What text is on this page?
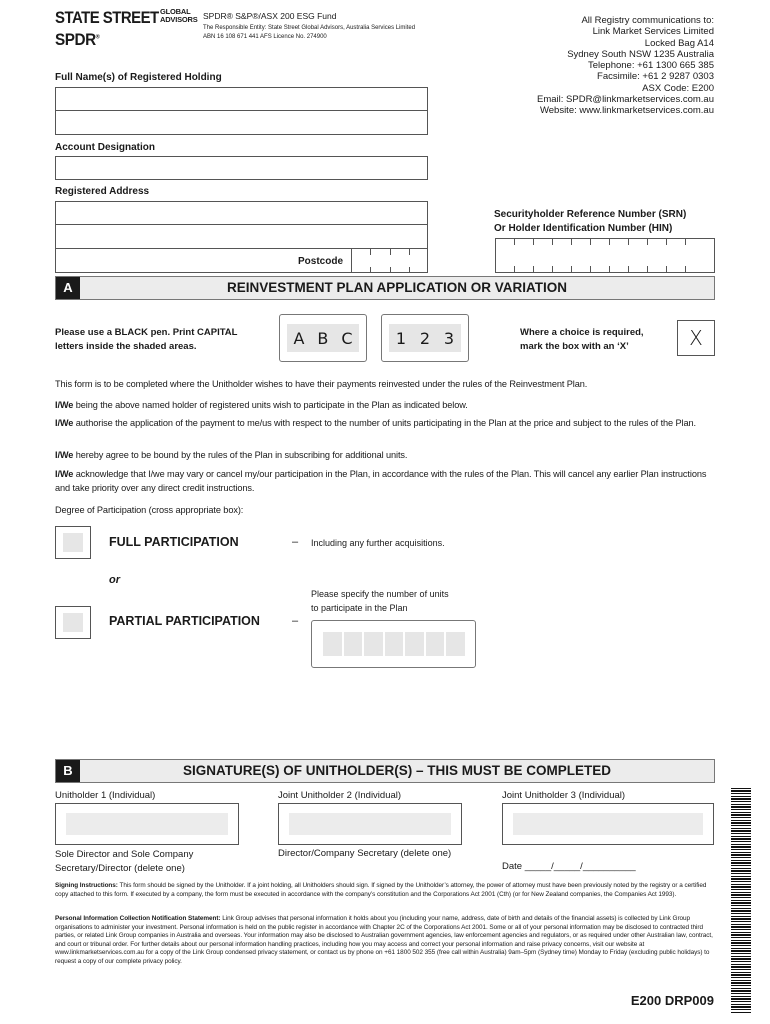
STATE STREET GLOBAL
ADVISORS
SPDR®
SPDR® S&P®/ASX 200 ESG Fund
The Responsible Entity: State Street Global Advisors, Australia Services Limited
ABN 16 108 671 441 AFS Licence No. 274900
All Registry communications to:
Link Market Services Limited
Locked Bag A14
Sydney South NSW 1235 Australia
Telephone: +61 1300 665 385
Facsimile: +61 2 9287 0303
ASX Code: E200
Email: SPDR@linkmarketservices.com.au
Website: www.linkmarketservices.com.au
Full Name(s) of Registered Holding
Account Designation
Registered Address
Postcode
Securityholder Reference Number (SRN)
Or Holder Identification Number (HIN)
A	REINVESTMENT PLAN APPLICATION OR VARIATION
Please use a BLACK pen. Print CAPITAL
letters inside the shaded areas.	A B C	1 2 3	Where a choice is required,
mark the box with an ‘X’	X
This form is to be completed where the Unitholder wishes to have their payments reinvested under the rules of the Reinvestment Plan.
I/We being the above named holder of registered units wish to participate in the Plan as indicated below.
I/We authorise the application of the payment to me/us with respect to the number of units participating in the Plan at the price and subject to the rules of the Plan.
I/We hereby agree to be bound by the rules of the Plan in subscribing for additional units.
I/We acknowledge that I/we may vary or cancel my/our participation in the Plan, in accordance with the rules of the Plan. This will cancel any earlier Plan instructions and take priority over any direct credit instructions.
Degree of Participation (cross appropriate box):
FULL PARTICIPATION	– Including any further acquisitions.
or
PARTIAL PARTICIPATION	–
Please specify the number of units
to participate in the Plan
B	SIGNATURE(S) OF UNITHOLDER(S) – THIS MUST BE COMPLETED
Unitholder 1 (Individual)	Joint Unitholder 2 (Individual)	Joint Unitholder 3 (Individual)
Sole Director and Sole Company
Secretary/Director (delete one)
Director/Company Secretary (delete one)
Date _____/_____/__________
Signing Instructions: This form should be signed by the Unitholder. If a joint holding, all Unitholders should sign. If signed by the Unitholder’s attorney, the power of attorney must have been previously noted by the registry or a certified copy attached to this form. If executed by a company, the form must be executed in accordance with the company’s constitution and the Corporations Act 2001 (Cth) (or for New Zealand companies, the Companies Act 1993).
Personal Information Collection Notification Statement: Link Group advises that personal information it holds about you (including your name, address, date of birth and details of the financial assets) is collected by Link Group organisations to administer your investment. Personal information is held on the public register in accordance with Chapter 2C of the Corporations Act 2001. Some or all of your personal information may be disclosed to contracted third parties, or related Link Group companies in Australia and overseas. Your information may also be disclosed to Australian government agencies, law enforcement agencies and regulators, or as required under other Australian law, contract, and court or tribunal order. For further details about our personal information handling practices, including how you may access and correct your personal information and raise privacy concerns, visit our website at www.linkmarketservices.com.au for a copy of the Link Group condensed privacy statement, or contact us by phone on +61 1800 502 355 (free call within Australia) 9am–5pm (Sydney time) Monday to Friday (excluding public holidays) to request a copy of our complete privacy policy.
E200 DRP009
